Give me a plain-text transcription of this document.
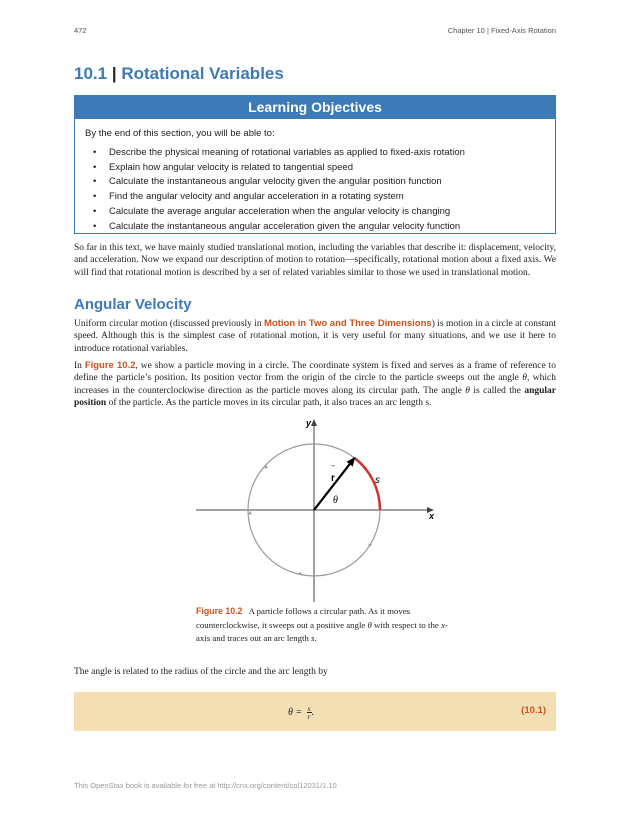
472	Chapter 10 | Fixed-Axis Rotation
10.1 | Rotational Variables
Learning Objectives
By the end of this section, you will be able to:
• Describe the physical meaning of rotational variables as applied to fixed-axis rotation
• Explain how angular velocity is related to tangential speed
• Calculate the instantaneous angular velocity given the angular position function
• Find the angular velocity and angular acceleration in a rotating system
• Calculate the average angular acceleration when the angular velocity is changing
• Calculate the instantaneous angular acceleration given the angular velocity function
So far in this text, we have mainly studied translational motion, including the variables that describe it: displacement, velocity, and acceleration. Now we expand our description of motion to rotation—specifically, rotational motion about a fixed axis. We will find that rotational motion is described by a set of related variables similar to those we used in translational motion.
Angular Velocity
Uniform circular motion (discussed previously in Motion in Two and Three Dimensions) is motion in a circle at constant speed. Although this is the simplest case of rotational motion, it is very useful for many situations, and we use it here to introduce rotational variables.
In Figure 10.2, we show a particle moving in a circle. The coordinate system is fixed and serves as a frame of reference to define the particle’s position. Its position vector from the origin of the circle to the particle sweeps out the angle θ, which increases in the counterclockwise direction as the particle moves along its circular path. The angle θ is called the angular position of the particle. As the particle moves in its circular path, it also traces an arc length s.
y
x
→
r
θ
s
Figure 10.2 A particle follows a circular path. As it moves counterclockwise, it sweeps out a positive angle θ with respect to the x-axis and traces out an arc length s.
The angle is related to the radius of the circle and the arc length by
$\theta = \frac{s}{r}$ .	(10.1)
This OpenStax book is available for free at http://cnx.org/content/col12031/1.10
